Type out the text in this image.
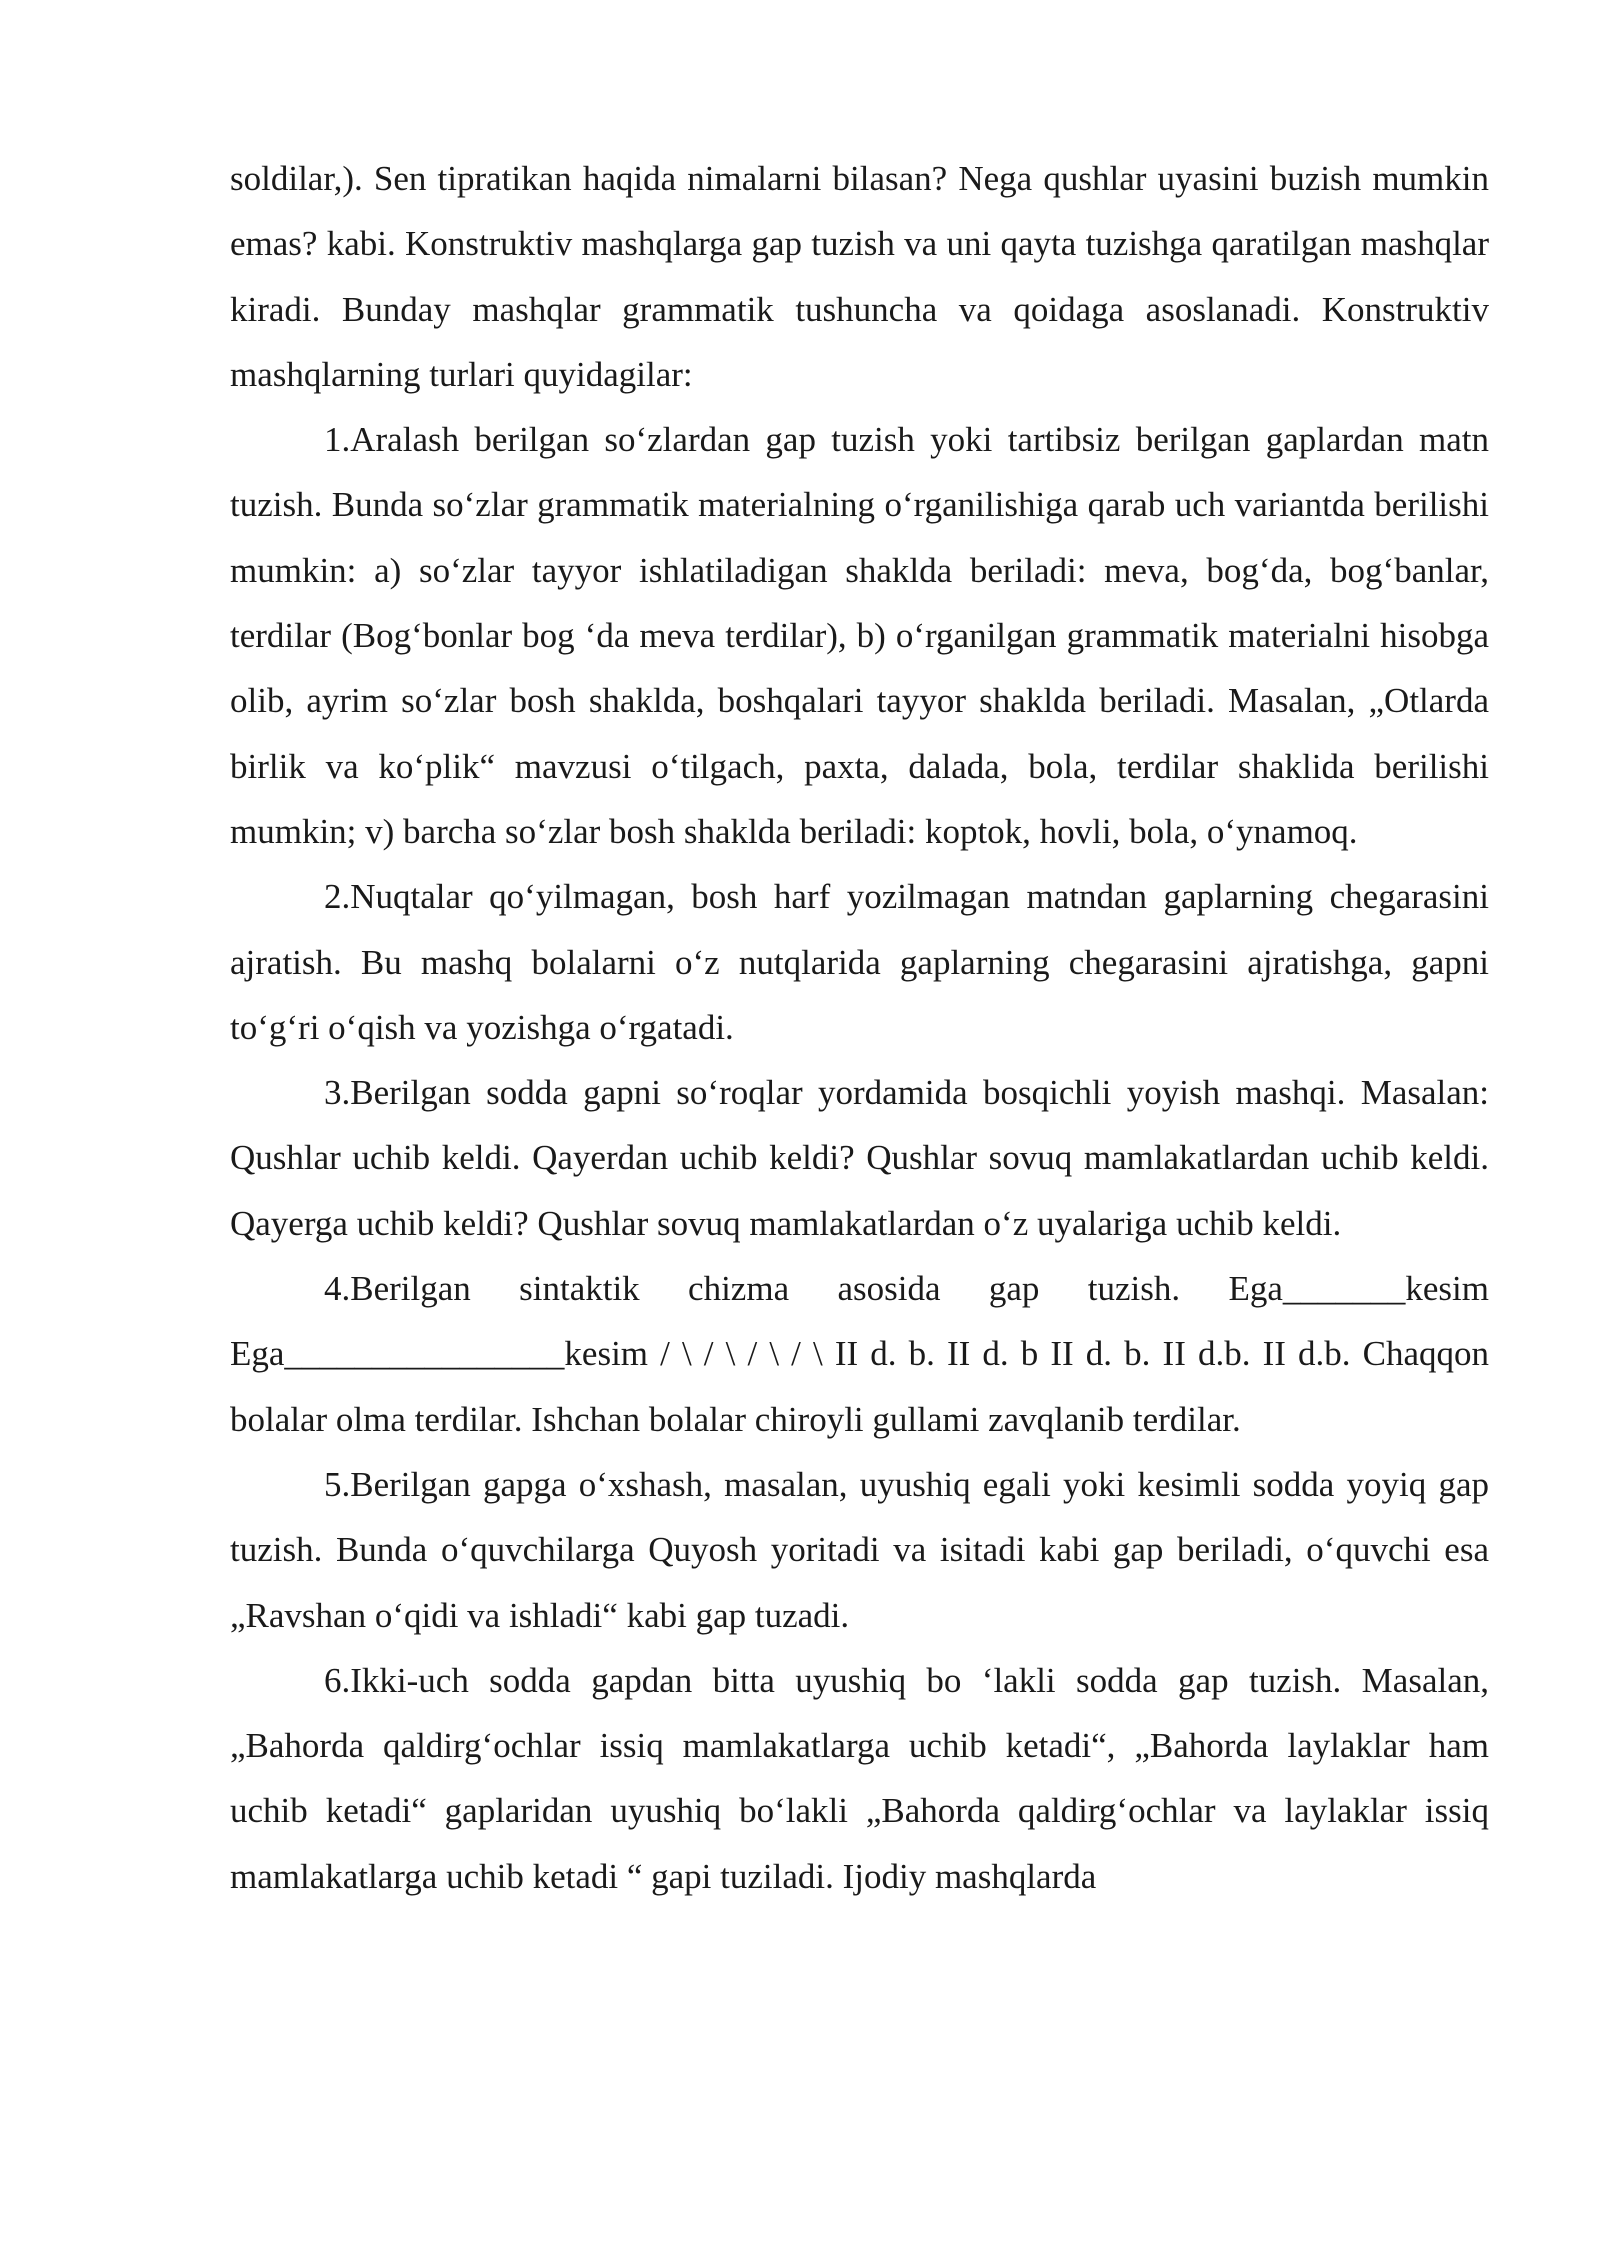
soldilar,). Sen tipratikan haqida nimalarni bilasan? Nega qushlar uyasini buzish mumkin emas? kabi. Konstruktiv mashqlarga gap tuzish va uni qayta tuzishga qaratilgan mashqlar kiradi. Bunday mashqlar grammatik tushuncha va qoidaga asoslanadi. Konstruktiv mashqlarning turlari quyidagilar:

1.Aralash berilgan so‘zlardan gap tuzish yoki tartibsiz berilgan gaplardan matn tuzish. Bunda so‘zlar grammatik materialning o‘rganilishiga qarab uch variantda berilishi mumkin: a) so‘zlar tayyor ishlatiladigan shaklda beriladi: meva, bog‘da, bog‘banlar, terdilar (Bog‘bonlar bog ‘da meva terdilar), b) o‘rganilgan grammatik materialni hisobga olib, ayrim so‘zlar bosh shaklda, boshqalari tayyor shaklda beriladi. Masalan, „Otlarda birlik va ko‘plik“ mavzusi o‘tilgach, paxta, dalada, bola, terdilar shaklida berilishi mumkin; v) barcha so‘zlar bosh shaklda beriladi: koptok, hovli, bola, o‘ynamoq.

2.Nuqtalar qo‘yilmagan, bosh harf yozilmagan matndan gaplarning chegarasini ajratish. Bu mashq bolalarni o‘z nutqlarida gaplarning chegarasini ajratishga, gapni to‘g‘ri o‘qish va yozishga o‘rgatadi.

3.Berilgan sodda gapni so‘roqlar yordamida bosqichli yoyish mashqi. Masalan: Qushlar uchib keldi. Qayerdan uchib keldi? Qushlar sovuq mamlakatlardan uchib keldi. Qayerga uchib keldi? Qushlar sovuq mamlakatlardan o‘z uyalariga uchib keldi.

4.Berilgan sintaktik chizma asosida gap tuzish. Ega_______kesim Ega________________kesim / \ / \ / \ / \ II d. b. II d. b II d. b. II d.b. II d.b. Chaqqon bolalar olma terdilar. Ishchan bolalar chiroyli gullami zavqlanib terdilar.

5.Berilgan gapga o‘xshash, masalan, uyushiq egali yoki kesimli sodda yoyiq gap tuzish. Bunda o‘quvchilarga Quyosh yoritadi va isitadi kabi gap beriladi, o‘quvchi esa „Ravshan o‘qidi va ishladi“ kabi gap tuzadi.

6.Ikki-uch sodda gapdan bitta uyushiq bo ‘lakli sodda gap tuzish. Masalan, „Bahorda qaldirg‘ochlar issiq mamlakatlarga uchib ketadi“, „Bahorda laylaklar ham uchib ketadi“ gaplaridan uyushiq bo‘lakli „Bahorda qaldirg‘ochlar va laylaklar issiq mamlakatlarga uchib ketadi “ gapi tuziladi. Ijodiy mashqlarda
